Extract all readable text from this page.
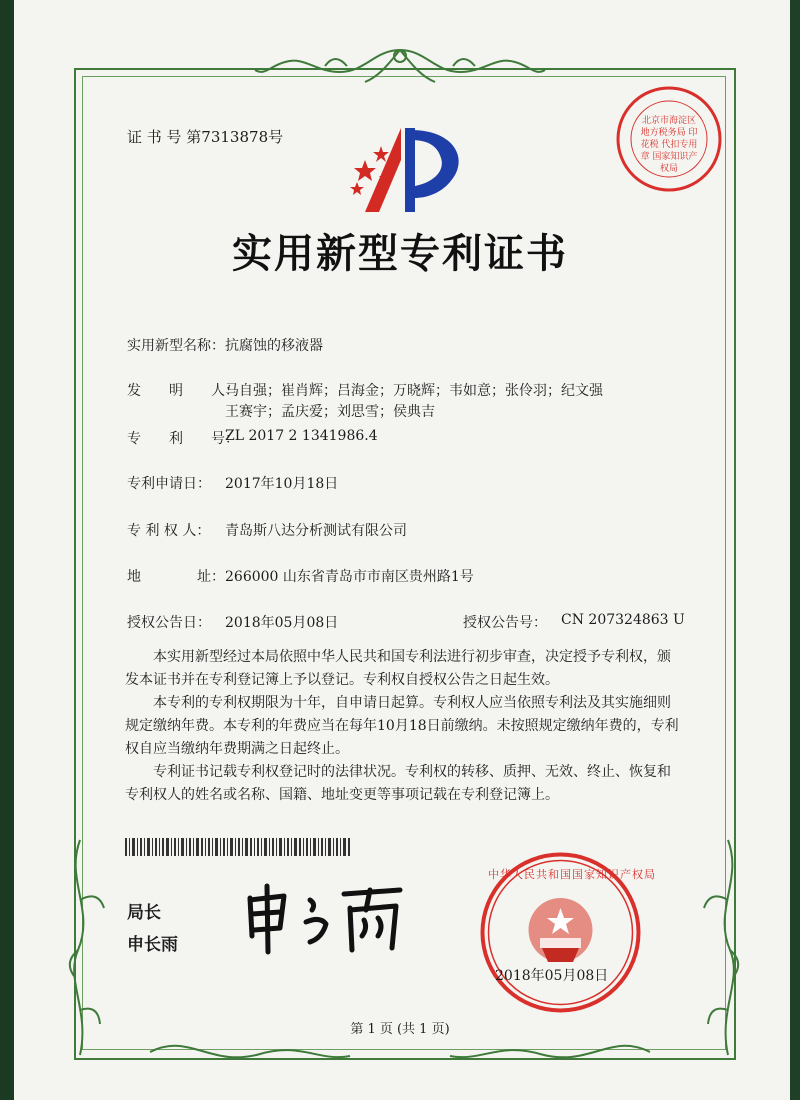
证 书 号 第7313878号
北京市海淀区地方税务局 印花税 代扣专用章 国家知识产权局
实用新型专利证书
实用新型名称： 抗腐蚀的移液器
发　　明　　人：
马自强；崔肖辉；吕海金；万晓辉；韦如意；张伶羽；纪文强
王赛宇；孟庆爱；刘思雪；侯典吉
专　　利　　号：
ZL 2017 2 1341986.4
专利申请日： 2017年10月18日
专 利 权 人： 青岛斯八达分析测试有限公司
地　　　　址： 266000 山东省青岛市市南区贵州路1号
授权公告日： 2018年05月08日	授权公告号： CN 207324863 U
本实用新型经过本局依照中华人民共和国专利法进行初步审查，决定授予专利权，颁发本证书并在专利登记簿上予以登记。专利权自授权公告之日起生效。
本专利的专利权期限为十年，自申请日起算。专利权人应当依照专利法及其实施细则规定缴纳年费。本专利的年费应当在每年10月18日前缴纳。未按照规定缴纳年费的，专利权自应当缴纳年费期满之日起终止。
专利证书记载专利权登记时的法律状况。专利权的转移、质押、无效、终止、恢复和专利权人的姓名或名称、国籍、地址变更等事项记载在专利登记簿上。
局长
申长雨
中华人民共和国国家知识产权局
2018年05月08日
第 1 页 (共 1 页)
